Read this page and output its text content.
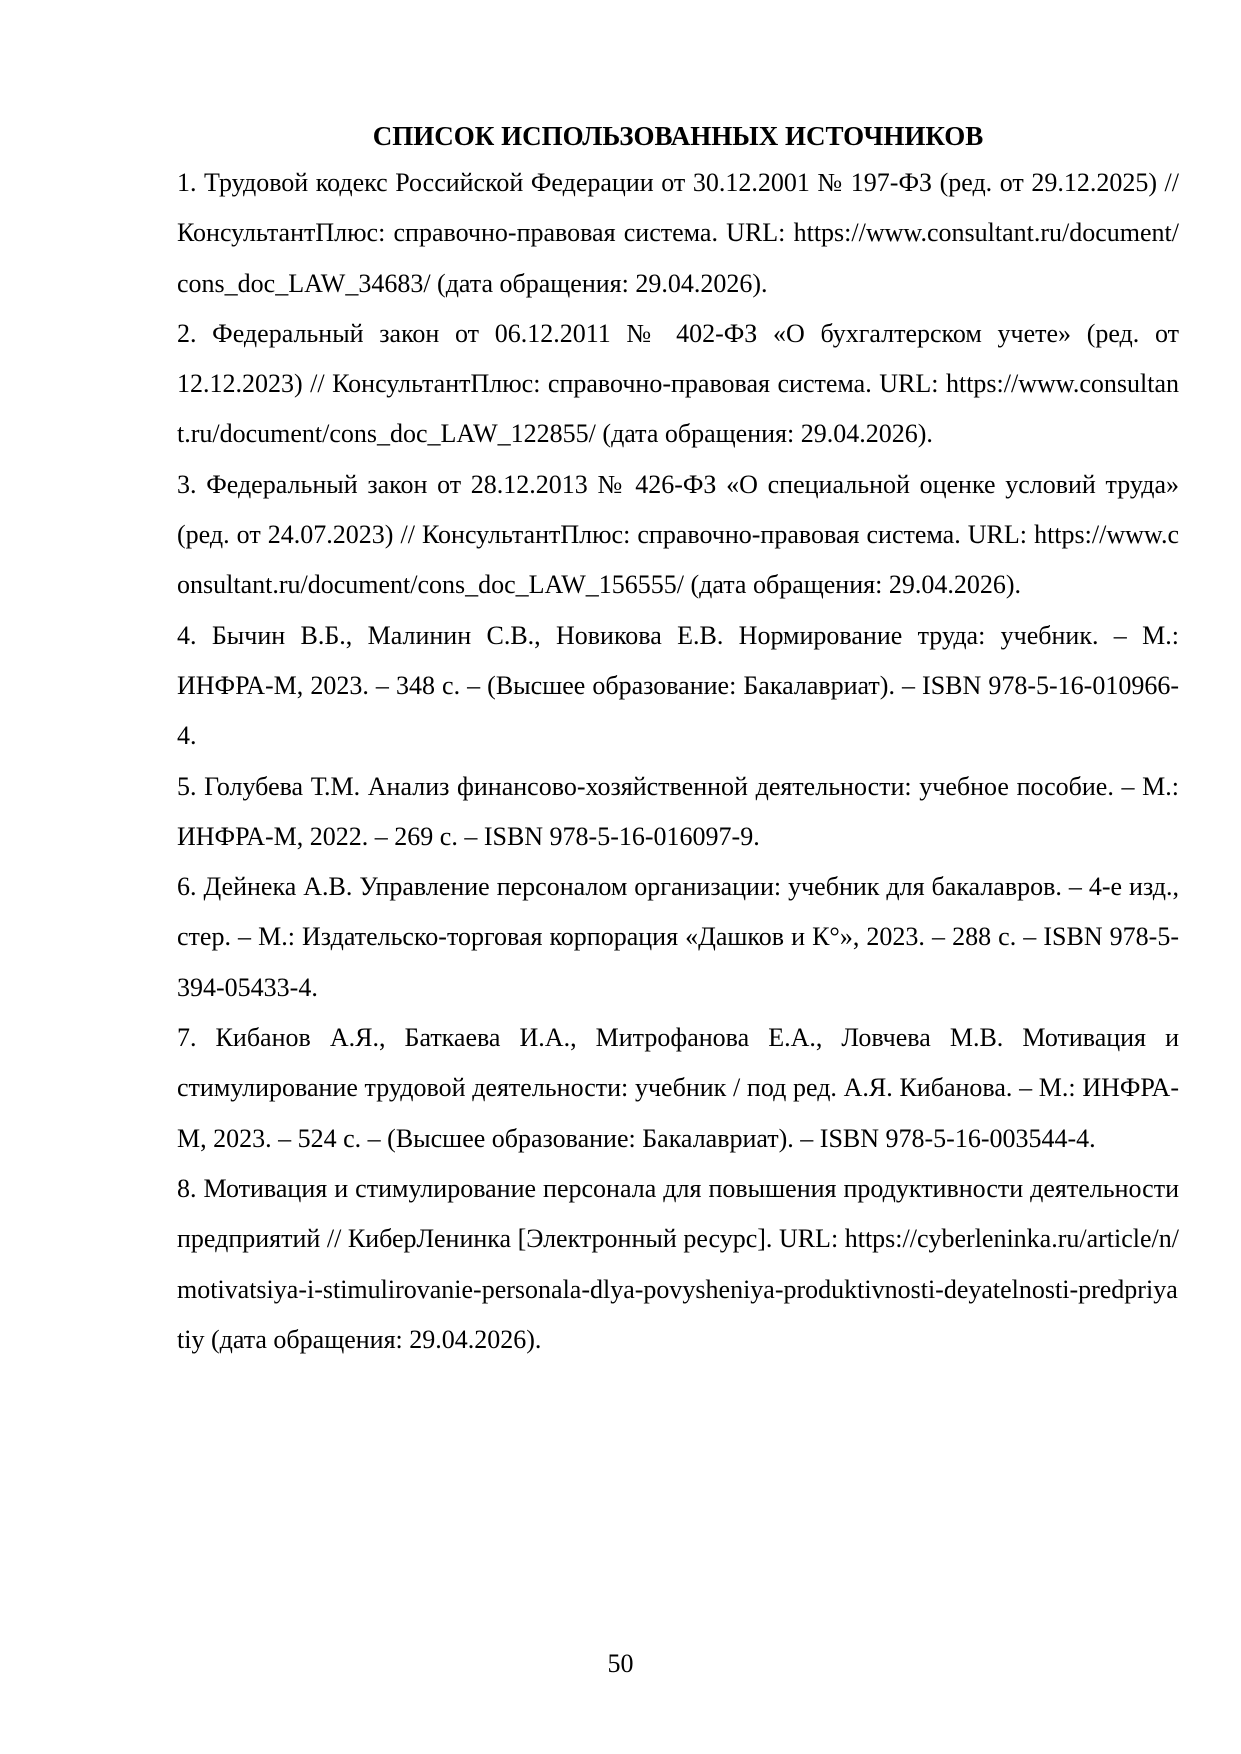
СПИСОК ИСПОЛЬЗОВАННЫХ ИСТОЧНИКОВ
1. Трудовой кодекс Российской Федерации от 30.12.2001 № 197-ФЗ (ред. от 29.12.2025) // КонсультантПлюс: справочно-правовая система. URL: https://www.consultant.ru/document/cons_doc_LAW_34683/ (дата обращения: 29.04.2026).
2. Федеральный закон от 06.12.2011 № 402-ФЗ «О бухгалтерском учете» (ред. от 12.12.2023) // КонсультантПлюс: справочно-правовая система. URL: https://www.consultant.ru/document/cons_doc_LAW_122855/ (дата обращения: 29.04.2026).
3. Федеральный закон от 28.12.2013 № 426-ФЗ «О специальной оценке условий труда» (ред. от 24.07.2023) // КонсультантПлюс: справочно-правовая система. URL: https://www.consultant.ru/document/cons_doc_LAW_156555/ (дата обращения: 29.04.2026).
4. Бычин В.Б., Малинин С.В., Новикова Е.В. Нормирование труда: учебник. – М.: ИНФРА-М, 2023. – 348 с. – (Высшее образование: Бакалавриат). – ISBN 978-5-16-010966-4.
5. Голубева Т.М. Анализ финансово-хозяйственной деятельности: учебное пособие. – М.: ИНФРА-М, 2022. – 269 с. – ISBN 978-5-16-016097-9.
6. Дейнека А.В. Управление персоналом организации: учебник для бакалавров. – 4-е изд., стер. – М.: Издательско-торговая корпорация «Дашков и К°», 2023. – 288 с. – ISBN 978-5-394-05433-4.
7. Кибанов А.Я., Баткаева И.А., Митрофанова Е.А., Ловчева М.В. Мотивация и стимулирование трудовой деятельности: учебник / под ред. А.Я. Кибанова. – М.: ИНФРА-М, 2023. – 524 с. – (Высшее образование: Бакалавриат). – ISBN 978-5-16-003544-4.
8. Мотивация и стимулирование персонала для повышения продуктивности деятельности предприятий // КиберЛенинка [Электронный ресурс]. URL: https://cyberleninka.ru/article/n/motivatsiya-i-stimulirovanie-personala-dlya-povysheniya-produktivnosti-deyatelnosti-predpriyatiy (дата обращения: 29.04.2026).
50
